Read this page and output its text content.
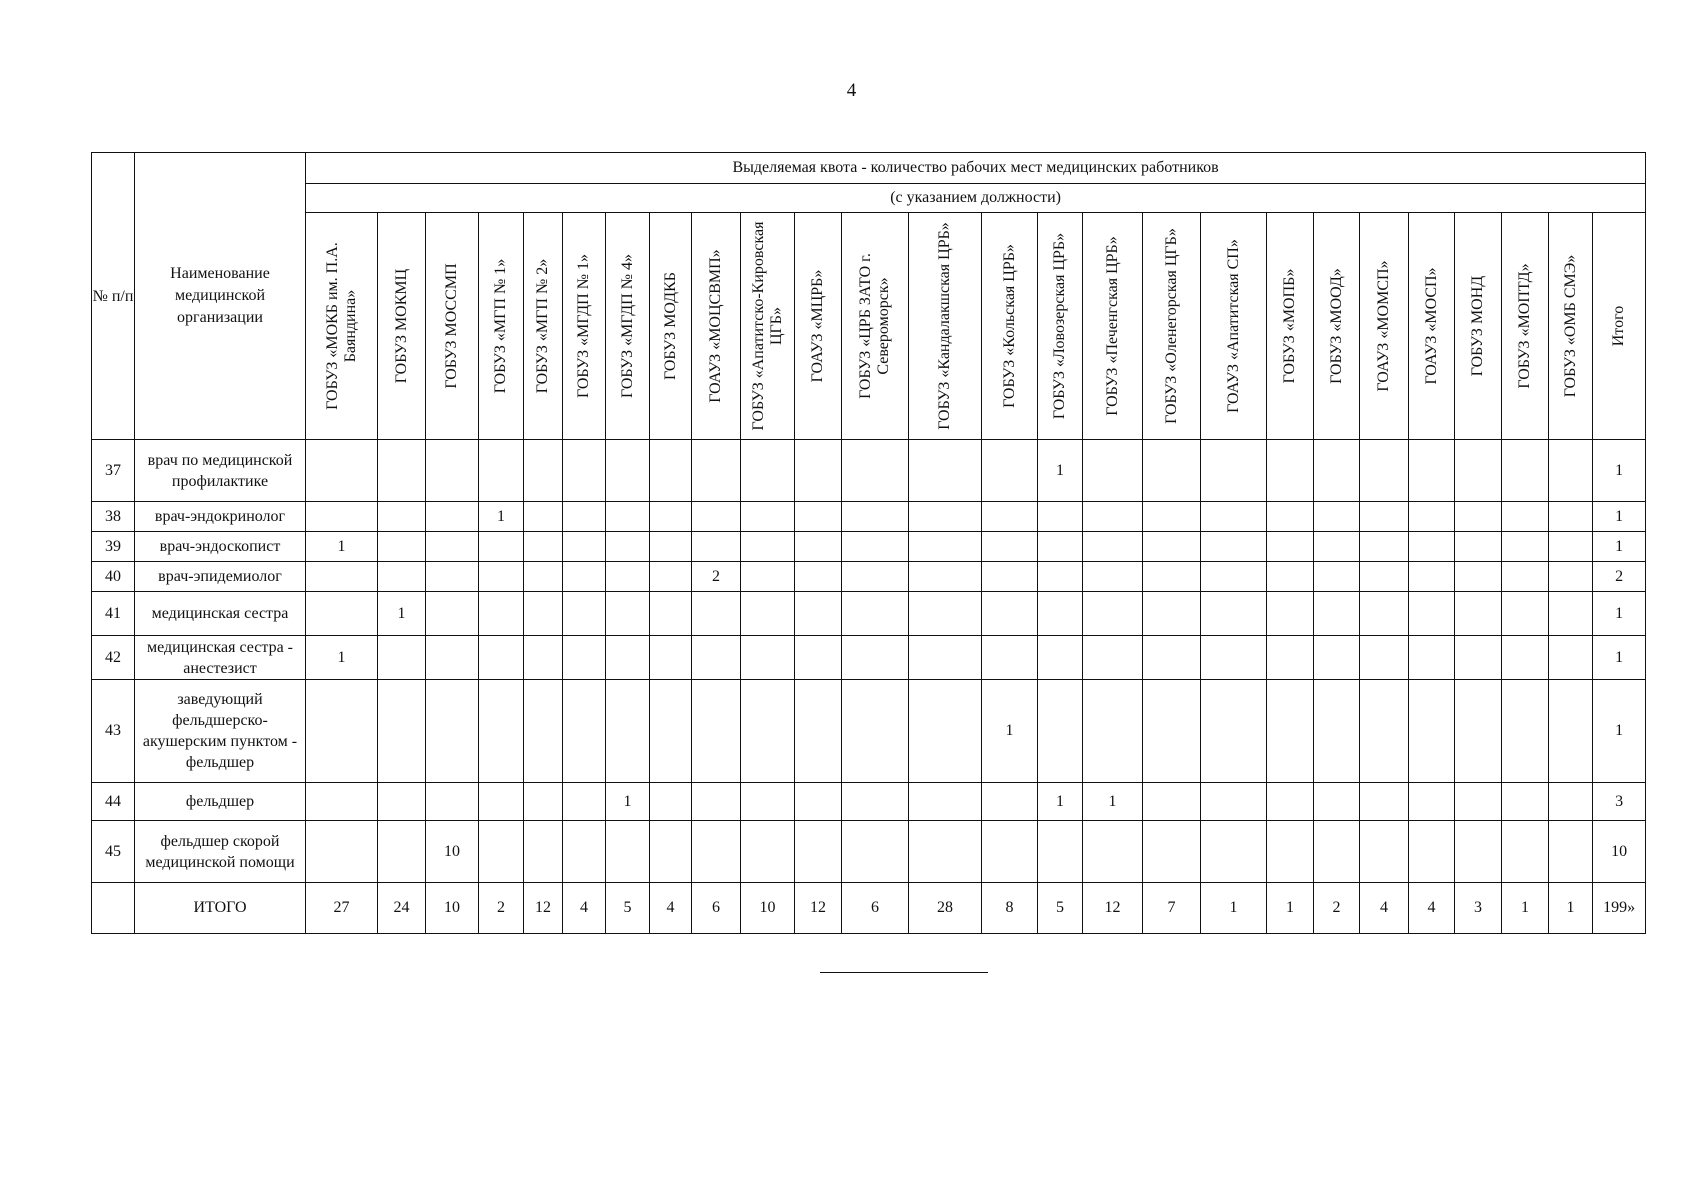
4
№ п/п	Наименование медицинской организации	Выделяемая квота - количество рабочих мест медицинских работников																									
		(с указанием должности)																									

		ГОБУЗ «МОКБ им. П.А. Баяндина»	ГОБУЗ МОКМЦ	ГОБУЗ МОССМП	ГОБУЗ «МГП № 1»	ГОБУЗ «МГП № 2»	ГОБУЗ «МГДП № 1»	ГОБУЗ «МГДП № 4»	ГОБУЗ МОДКБ	ГОАУЗ «МОЦСВМП»	ГОБУЗ «Апатитско-Кировская ЦГБ»	ГОАУЗ «МЦРБ»	ГОБУЗ «ЦРБ ЗАТО г. Североморск»	ГОБУЗ «Кандалакшская ЦРБ»	ГОБУЗ «Кольская ЦРБ»	ГОБУЗ «Ловозерская ЦРБ»	ГОБУЗ «Печенгская ЦРБ»	ГОБУЗ «Оленегорская ЦГБ»	ГОАУЗ «Апатитская СП»	ГОБУЗ «МОПБ»	ГОБУЗ «МООД»	ГОАУЗ «МОМСП»	ГОАУЗ «МОСП»	ГОБУЗ МОНД	ГОБУЗ «МОПТД»	ГОБУЗ «ОМБ СМЭ»	Итого

37	врач по медицинской профилактике															1											1
38	врач-эндокринолог				1																						1
39	врач-эндоскопист	1																									1
40	врач-эпидемиолог									2																	2
41	медицинская сестра		1																								1
42	медицинская сестра - анестезист	1																									1
43	заведующий фельдшерско-акушерским пунктом - фельдшер														1												1
44	фельдшер							1								1	1										3
45	фельдшер скорой медицинской помощи			10																							10
	ИТОГО	27	24	10	2	12	4	5	4	6	10	12	6	28	8	5	12	7	1	1	2	4	4	3	1	1	199»
